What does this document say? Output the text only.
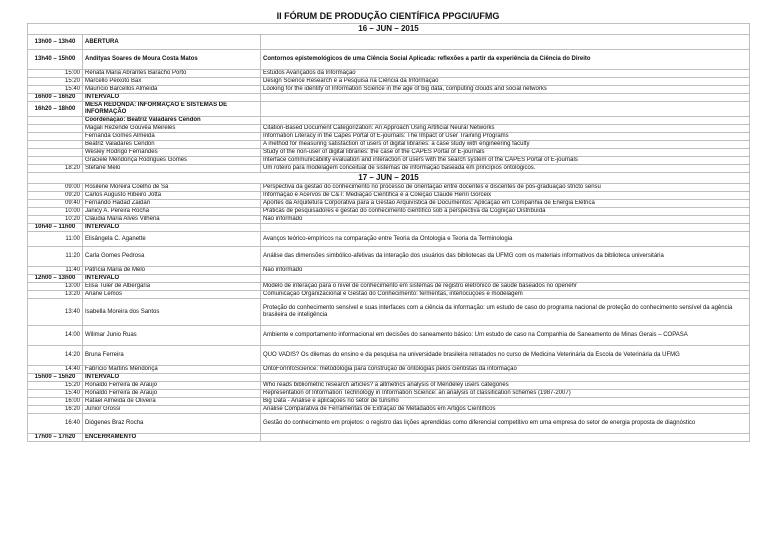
II FÓRUM DE PRODUÇÃO CIENTÍFICA PPGCI/UFMG
16 – JUN – 2015		
13h00 – 13h40	ABERTURA	
13h40 – 15h00	Andityas Soares de Moura Costa Matos	Contornos epistemológicos de uma Ciência Social Aplicada: reflexões a partir da experiência da Ciência do Direito
15:00	Renata Maria Abrantes Baracho Porto	Estudos Avançados da Informação
15:20	Marcello Peixoto Bax	Design Science Research e a Pesquisa na Ciência da Informação
15:40	Maurício Barcellos Almeida	Looking for the identity of Information Science in the age of big data, computing clouds and social networks
16h00 – 16h20	INTERVALO	
16h20 – 18h00	MESA REDONDA: INFORMAÇÃO E SISTEMAS DE INFORMAÇÃO	
	Coordenação: Beatriz Valadares Cendón	
	Magali Rezende Gouvêa Meireles	Citation-Based Document Categorization: An Approach Using Artificial Neural Networks
	Fernanda Gomes Almeida	Information Literacy in the Capes Portal of E-journals: The Impact of User Training Programs
	Beatriz Valadares Cendón	A method for measuring satisfaction of users of digital libraries: a case study with engineering faculty
	Wesley Rodrigo Fernandes	Study of the non-user of digital libraries: the case of the CAPES Portal of E-journals
	Graciele Mendonça Rodrigues Gomes	Interface communicability evaluation and interaction of users with the search system of the CAPES Portal of E-journals
18:20	Stefane Melo	Um roteiro para modelagem conceitual de sistemas de informação baseada em princípios ontológicos.
17 – JUN – 2015		
09:00	Rosilene Moreira Coelho de Sá	Perspectiva da gestão do conhecimento no processo de orientação entre docentes e discentes de pós-graduação stricto sensu
09:20	Carlos Augusto Ribeiro Jotta	Informação e Acervos de C&T: Mediação Científica e a Coleção Claude Henri Gorceix
09:40	Fernando Hadad Zaidan	Aportes da Arquitetura Corporativa para a Gestão Arquivística de Documentos: Aplicação em Companhia de Energia Elétrica
10:00	Janicy A. Pereira Rocha	Práticas de pesquisadores e gestão do conhecimento científico sob a perspectiva da Cognição Distribuída
10:20	Cláudia Maria Alves Vilhena	Não informado
10h40 – 11h00	INTERVALO	
11:00	Elisângela C. Aganette	Avanços teórico-empíricos na comparação entre Teoria da Ontologia e Teoria da Terminologia
11:20	Carla Gomes Pedrosa	Análise das dimensões simbólico-afetivas da interação dos usuários das bibliotecas da UFMG com os materiais informativos da biblioteca universitária
11:40	Patrícia Maria de Melo	Não informado
12h00 – 13h00	INTERVALO	
13:00	Elisa Tuler de Albergaria	Modelo de interação para o nível de conhecimento em sistemas de registro eletrônico de saúde baseados no openehr
13:20	Ariane Lemos	Comunicação Organizacional e Gestão do Conhecimento: fermentas, interlocuções e modelagem
13:40	Isabella Moreira dos Santos	Proteção do conhecimento sensível e suas interfaces com a ciência da informação: um estudo de caso do programa nacional de proteção do conhecimento sensível da agência brasileira de inteligência
14:00	Wilimar Junio Ruas	Ambiente e comportamento informacional em decisões do saneamento básico: Um estudo de caso na Companhia de Saneamento de Minas Gerais – COPASA
14:20	Bruna Ferreira	QUO VADIS? Os dilemas do ensino e da pesquisa na universidade brasileira retratados no curso de Medicina Veterinária da Escola de Veterinária da UFMG
14:40	Fabrício Martins Mendonça	OntoForInfoScience: metodologia para construção de ontologias pelos cientistas da informação
15h00 – 15h20	INTERVALO	
15:20	Ronaldo Ferreira de Araújo	Who reads bibliometric research articles? a altmetrics analysis of Mendeley users categories
15:40	Ronaldo Ferreira de Araújo	Representation of Information Technology in Information Science: an analysis of classification schemes (1987-2007)
16:00	Rafael Almeida de Oliveira	Big Data - Análise e aplicações no setor de turismo
16:20	Junior Grossi	Análise Comparativa de Ferramentas de Extração de Metadados em Artigos Científicos
16:40	Diógenes Braz Rocha	Gestão do conhecimento em projetos: o registro das lições aprendidas como diferencial competitivo em uma empresa do setor de energia proposta de diagnóstico
17h00 – 17h20	ENCERRAMENTO	
